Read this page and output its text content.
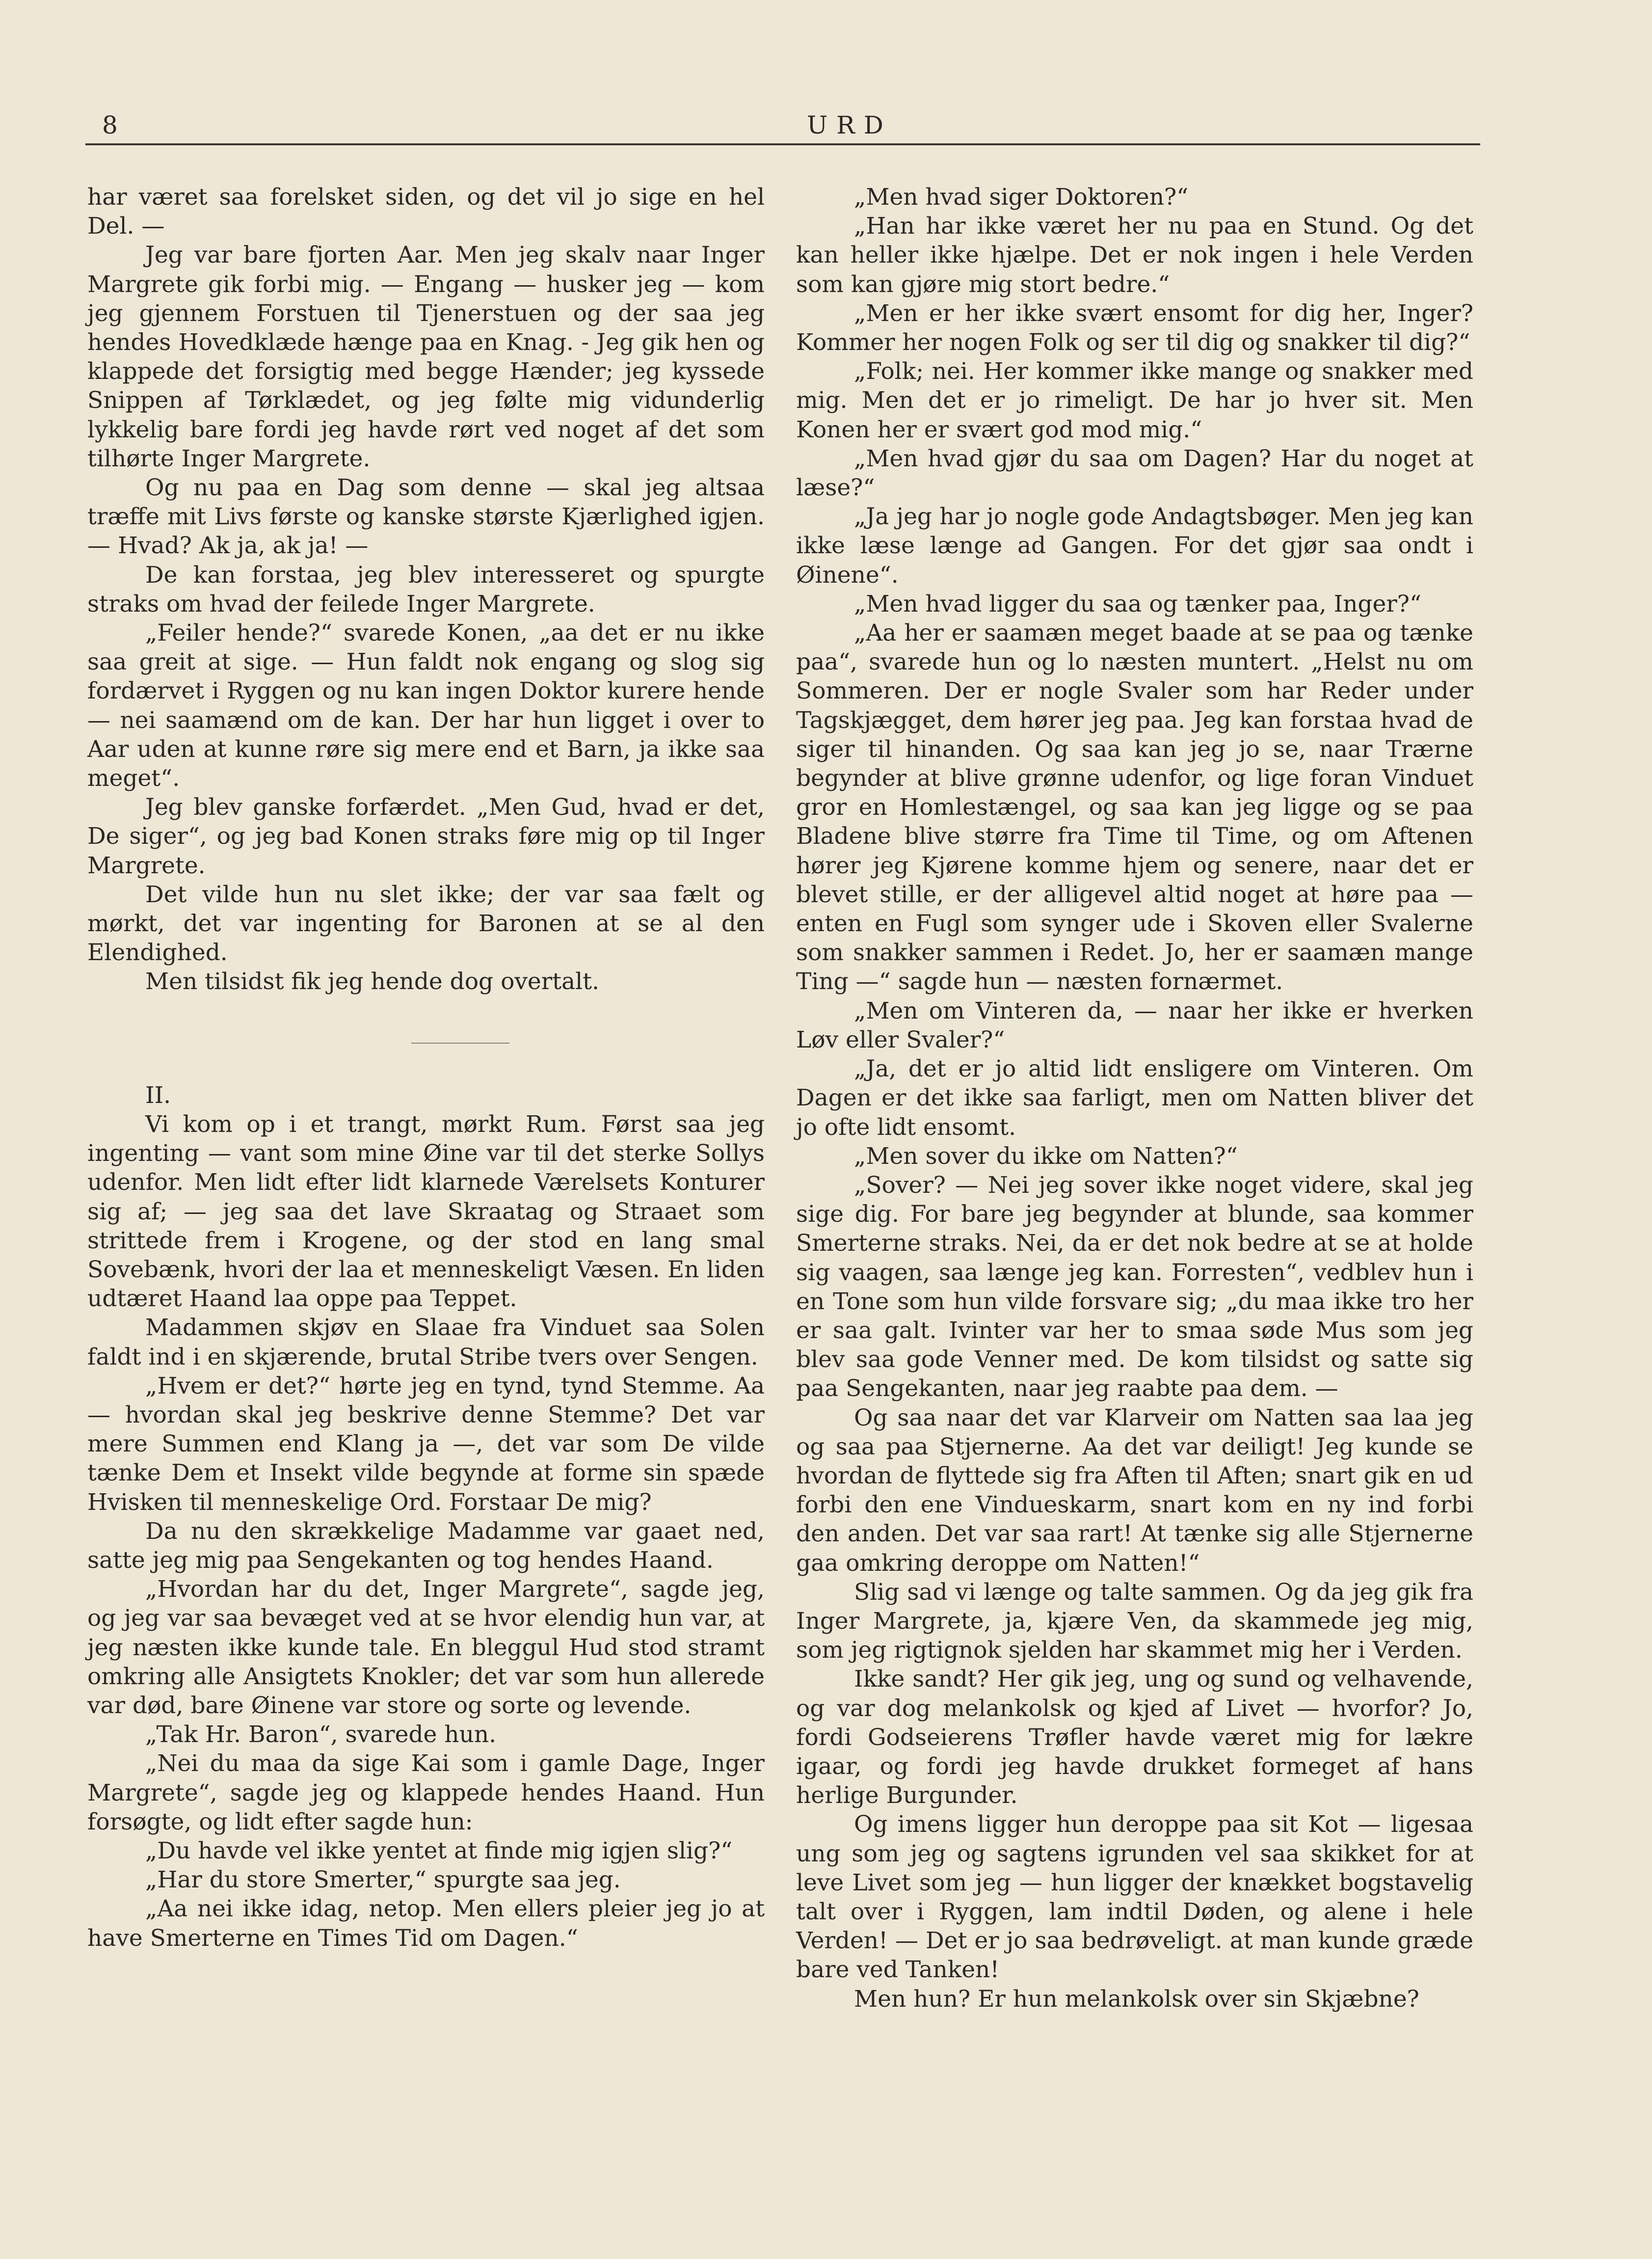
8	URD

har været saa forelsket siden, og det vil jo sige en hel Del. —

Jeg var bare fjorten Aar. Men jeg skalv naar Inger Margrete gik forbi mig. — Engang — husker jeg — kom jeg gjennem Forstuen til Tjenerstuen og der saa jeg hendes Hovedklæde hænge paa en Knag. - Jeg gik hen og klappede det forsigtig med begge Hænder; jeg kyssede Snippen af Tørklædet, og jeg følte mig vidunderlig lykkelig bare fordi jeg havde rørt ved noget af det som tilhørte Inger Margrete.

Og nu paa en Dag som denne — skal jeg altsaa træffe mit Livs første og kanske største Kjærlighed igjen. — Hvad? Ak ja, ak ja! —

De kan forstaa, jeg blev interesseret og spurgte straks om hvad der feilede Inger Margrete.

„Feiler hende?“ svarede Konen, „aa det er nu ikke saa greit at sige. — Hun faldt nok engang og slog sig fordærvet i Ryggen og nu kan ingen Doktor kurere hende — nei saamænd om de kan. Der har hun ligget i over to Aar uden at kunne røre sig mere end et Barn, ja ikke saa meget“.

Jeg blev ganske forfærdet. „Men Gud, hvad er det, De siger“, og jeg bad Konen straks føre mig op til Inger Margrete.

Det vilde hun nu slet ikke; der var saa fælt og mørkt, det var ingenting for Baronen at se al den Elendighed.

Men tilsidst fik jeg hende dog overtalt.

II.

Vi kom op i et trangt, mørkt Rum. Først saa jeg ingenting — vant som mine Øine var til det sterke Sollys udenfor. Men lidt efter lidt klarnede Værelsets Konturer sig af; — jeg saa det lave Skraatag og Straaet som strittede frem i Krogene, og der stod en lang smal Sovebænk, hvori der laa et menneskeligt Væsen. En liden udtæret Haand laa oppe paa Teppet.

Madammen skjøv en Slaae fra Vinduet saa Solen faldt ind i en skjærende, brutal Stribe tvers over Sengen.

„Hvem er det?“ hørte jeg en tynd, tynd Stemme. Aa — hvordan skal jeg beskrive denne Stemme? Det var mere Summen end Klang ja —, det var som De vilde tænke Dem et Insekt vilde begynde at forme sin spæde Hvisken til menneskelige Ord. Forstaar De mig?

Da nu den skrækkelige Madamme var gaaet ned, satte jeg mig paa Sengekanten og tog hendes Haand.

„Hvordan har du det, Inger Margrete“, sagde jeg, og jeg var saa bevæget ved at se hvor elendig hun var, at jeg næsten ikke kunde tale. En bleggul Hud stod stramt omkring alle Ansigtets Knokler; det var som hun allerede var død, bare Øinene var store og sorte og levende.

„Tak Hr. Baron“, svarede hun.

„Nei du maa da sige Kai som i gamle Dage, Inger Margrete“, sagde jeg og klappede hendes Haand. Hun forsøgte, og lidt efter sagde hun:

„Du havde vel ikke yentet at finde mig igjen slig?“

„Har du store Smerter,“ spurgte saa jeg.

„Aa nei ikke idag, netop. Men ellers pleier jeg jo at have Smerterne en Times Tid om Dagen.“

„Men hvad siger Doktoren?“

„Han har ikke været her nu paa en Stund. Og det kan heller ikke hjælpe. Det er nok ingen i hele Verden som kan gjøre mig stort bedre.“

„Men er her ikke svært ensomt for dig her, Inger? Kommer her nogen Folk og ser til dig og snakker til dig?“

„Folk; nei. Her kommer ikke mange og snakker med mig. Men det er jo rimeligt. De har jo hver sit. Men Konen her er svært god mod mig.“

„Men hvad gjør du saa om Dagen? Har du noget at læse?“

„Ja jeg har jo nogle gode Andagtsbøger. Men jeg kan ikke læse længe ad Gangen. For det gjør saa ondt i Øinene“.

„Men hvad ligger du saa og tænker paa, Inger?“

„Aa her er saamæn meget baade at se paa og tænke paa“, svarede hun og lo næsten muntert. „Helst nu om Sommeren. Der er nogle Svaler som har Reder under Tagskjægget, dem hører jeg paa. Jeg kan forstaa hvad de siger til hinanden. Og saa kan jeg jo se, naar Trærne begynder at blive grønne udenfor, og lige foran Vinduet gror en Homlestængel, og saa kan jeg ligge og se paa Bladene blive større fra Time til Time, og om Aftenen hører jeg Kjørene komme hjem og senere, naar det er blevet stille, er der alligevel altid noget at høre paa — enten en Fugl som synger ude i Skoven eller Svalerne som snakker sammen i Redet. Jo, her er saamæn mange Ting —“ sagde hun — næsten fornærmet.

„Men om Vinteren da, — naar her ikke er hverken Løv eller Svaler?“

„Ja, det er jo altid lidt ensligere om Vinteren. Om Dagen er det ikke saa farligt, men om Natten bliver det jo ofte lidt ensomt.

„Men sover du ikke om Natten?“

„Sover? — Nei jeg sover ikke noget videre, skal jeg sige dig. For bare jeg begynder at blunde, saa kommer Smerterne straks. Nei, da er det nok bedre at se at holde sig vaagen, saa længe jeg kan. Forresten“, vedblev hun i en Tone som hun vilde forsvare sig; „du maa ikke tro her er saa galt. Ivinter var her to smaa søde Mus som jeg blev saa gode Venner med. De kom tilsidst og satte sig paa Sengekanten, naar jeg raabte paa dem. —

Og saa naar det var Klarveir om Natten saa laa jeg og saa paa Stjernerne. Aa det var deiligt! Jeg kunde se hvordan de flyttede sig fra Aften til Aften; snart gik en ud forbi den ene Vindueskarm, snart kom en ny ind forbi den anden. Det var saa rart! At tænke sig alle Stjernerne gaa omkring deroppe om Natten!“

Slig sad vi længe og talte sammen. Og da jeg gik fra Inger Margrete, ja, kjære Ven, da skammede jeg mig, som jeg rigtignok sjelden har skammet mig her i Verden.

Ikke sandt? Her gik jeg, ung og sund og velhavende, og var dog melankolsk og kjed af Livet — hvorfor? Jo, fordi Godseierens Trøfler havde været mig for lækre igaar, og fordi jeg havde drukket formeget af hans herlige Burgunder.

Og imens ligger hun deroppe paa sit Kot — ligesaa ung som jeg og sagtens igrunden vel saa skikket for at leve Livet som jeg — hun ligger der knækket bogstavelig talt over i Ryggen, lam indtil Døden, og alene i hele Verden! — Det er jo saa bedrøveligt. at man kunde græde bare ved Tanken!

Men hun? Er hun melankolsk over sin Skjæbne?
